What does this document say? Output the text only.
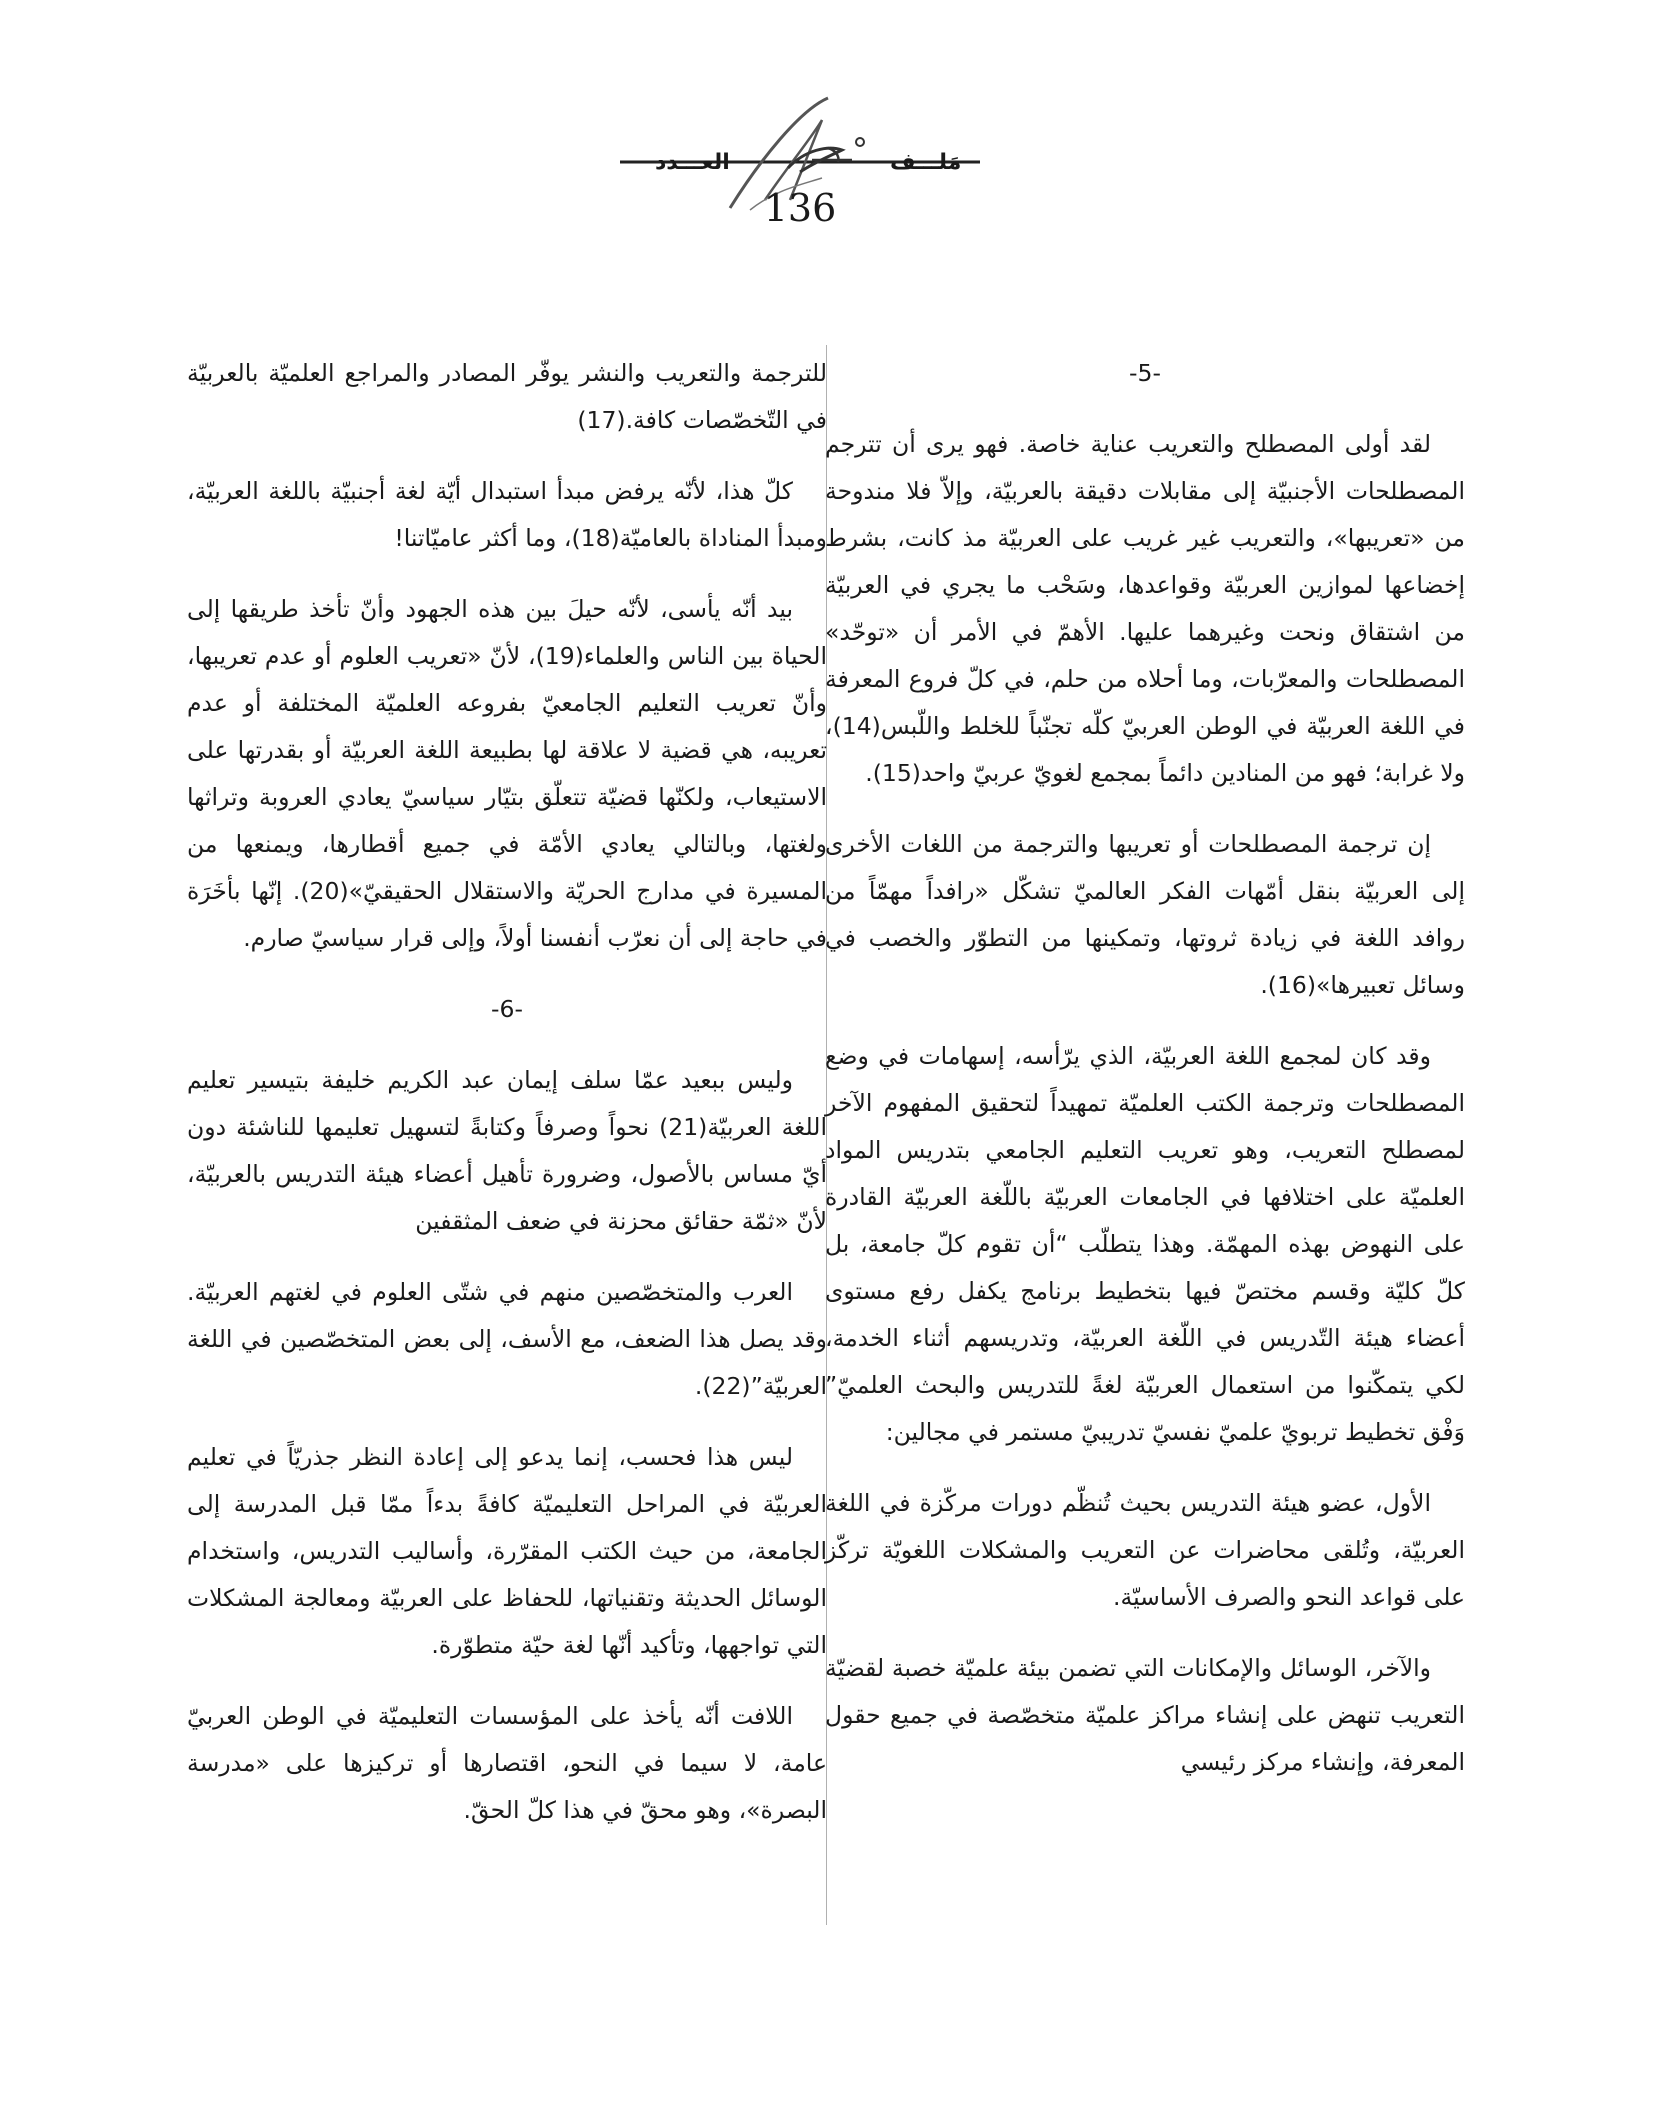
العـــدد	مَلـــف
136

-5-

لقد أولى المصطلح والتعريب عناية خاصة. فهو يرى أن تترجم المصطلحات الأجنبيّة إلى مقابلات دقيقة بالعربيّة، وإلاّ فلا مندوحة من «تعريبها»، والتعريب غير غريب على العربيّة مذ كانت، بشرط إخضاعها لموازين العربيّة وقواعدها، وسَحْب ما يجري في العربيّة من اشتقاق ونحت وغيرهما عليها. الأهمّ في الأمر أن «توحّد» المصطلحات والمعرّبات، وما أحلاه من حلم، في كلّ فروع المعرفة في اللغة العربيّة في الوطن العربيّ كلّه تجنّباً للخلط واللّبس(14)، ولا غرابة؛ فهو من المنادين دائماً بمجمع لغويّ عربيّ واحد(15).

إن ترجمة المصطلحات أو تعريبها والترجمة من اللغات الأخرى إلى العربيّة بنقل أمّهات الفكر العالميّ تشكّل «رافداً مهمّاً من روافد اللغة في زيادة ثروتها، وتمكينها من التطوّر والخصب في وسائل تعبيرها»(16).

وقد كان لمجمع اللغة العربيّة، الذي يرّأسه، إسهامات في وضع المصطلحات وترجمة الكتب العلميّة تمهيداً لتحقيق المفهوم الآخر لمصطلح التعريب، وهو تعريب التعليم الجامعي بتدريس المواد العلميّة على اختلافها في الجامعات العربيّة باللّغة العربيّة القادرة على النهوض بهذه المهمّة. وهذا يتطلّب “أن تقوم كلّ جامعة، بل كلّ كليّة وقسم مختصّ فيها بتخطيط برنامج يكفل رفع مستوى أعضاء هيئة التّدريس في اللّغة العربيّة، وتدريسهم أثناء الخدمة، لكي يتمكّنوا من استعمال العربيّة لغةً للتدريس والبحث العلميّ” وَفْق تخطيط تربويّ علميّ نفسيّ تدريبيّ مستمر في مجالين:

الأول، عضو هيئة التدريس بحيث تُنظّم دورات مركّزة في اللغة العربيّة، وتُلقى محاضرات عن التعريب والمشكلات اللغويّة تركّز على قواعد النحو والصرف الأساسيّة.

والآخر، الوسائل والإمكانات التي تضمن بيئة علميّة خصبة لقضيّة التعريب تنهض على إنشاء مراكز علميّة متخصّصة في جميع حقول المعرفة، وإنشاء مركز رئيسي

للترجمة والتعريب والنشر يوفّر المصادر والمراجع العلميّة بالعربيّة في التّخصّصات كافة.(17)

كلّ هذا، لأنّه يرفض مبدأ استبدال أيّة لغة أجنبيّة باللغة العربيّة، ومبدأ المناداة بالعاميّة(18)، وما أكثر عاميّاتنا!

بيد أنّه يأسى، لأنّه حيلَ بين هذه الجهود وأنّ تأخذ طريقها إلى الحياة بين الناس والعلماء(19)، لأنّ «تعريب العلوم أو عدم تعريبها، وأنّ تعريب التعليم الجامعيّ بفروعه العلميّة المختلفة أو عدم تعريبه، هي قضية لا علاقة لها بطبيعة اللغة العربيّة أو بقدرتها على الاستيعاب، ولكنّها قضيّة تتعلّق بتيّار سياسيّ يعادي العروبة وتراثها ولغتها، وبالتالي يعادي الأمّة في جميع أقطارها، ويمنعها من المسيرة في مدارج الحريّة والاستقلال الحقيقيّ»(20). إنّها بأخَرَة في حاجة إلى أن نعرّب أنفسنا أولاً، وإلى قرار سياسيّ صارم.

-6-

وليس ببعيد عمّا سلف إيمان عبد الكريم خليفة بتيسير تعليم اللغة العربيّة(21) نحواً وصرفاً وكتابةً لتسهيل تعليمها للناشئة دون أيّ مساس بالأصول، وضرورة تأهيل أعضاء هيئة التدريس بالعربيّة، لأنّ «ثمّة حقائق محزنة في ضعف المثقفين

العرب والمتخصّصين منهم في شتّى العلوم في لغتهم العربيّة. وقد يصل هذا الضعف، مع الأسف، إلى بعض المتخصّصين في اللغة العربيّة”(22).

ليس هذا فحسب، إنما يدعو إلى إعادة النظر جذريّاً في تعليم العربيّة في المراحل التعليميّة كافةً بدءاً ممّا قبل المدرسة إلى الجامعة، من حيث الكتب المقرّرة، وأساليب التدريس، واستخدام الوسائل الحديثة وتقنياتها، للحفاظ على العربيّة ومعالجة المشكلات التي تواجهها، وتأكيد أنّها لغة حيّة متطوّرة.

اللافت أنّه يأخذ على المؤسسات التعليميّة في الوطن العربيّ عامة، لا سيما في النحو، اقتصارها أو تركيزها على «مدرسة البصرة»، وهو محقّ في هذا كلّ الحقّ.
